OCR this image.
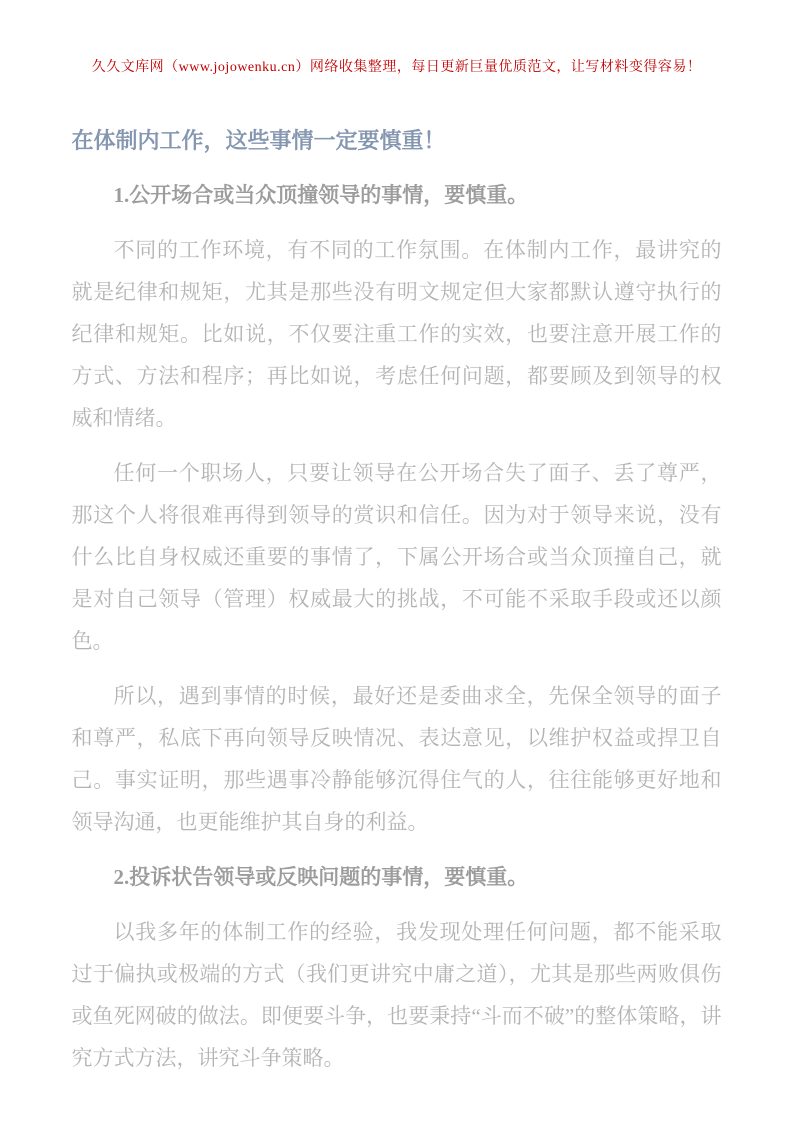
久久文库网（www.jojowenku.cn）网络收集整理，每日更新巨量优质范文，让写材料变得容易！
在体制内工作，这些事情一定要慎重！
1.公开场合或当众顶撞领导的事情，要慎重。

不同的工作环境，有不同的工作氛围。在体制内工作，最讲究的就是纪律和规矩，尤其是那些没有明文规定但大家都默认遵守执行的纪律和规矩。比如说，不仅要注重工作的实效，也要注意开展工作的方式、方法和程序；再比如说，考虑任何问题，都要顾及到领导的权威和情绪。

任何一个职场人，只要让领导在公开场合失了面子、丢了尊严，那这个人将很难再得到领导的赏识和信任。因为对于领导来说，没有什么比自身权威还重要的事情了，下属公开场合或当众顶撞自己，就是对自己领导（管理）权威最大的挑战，不可能不采取手段或还以颜色。

所以，遇到事情的时候，最好还是委曲求全，先保全领导的面子和尊严，私底下再向领导反映情况、表达意见，以维护权益或捍卫自己。事实证明，那些遇事冷静能够沉得住气的人，往往能够更好地和领导沟通，也更能维护其自身的利益。

2.投诉状告领导或反映问题的事情，要慎重。

以我多年的体制工作的经验，我发现处理任何问题，都不能采取过于偏执或极端的方式（我们更讲究中庸之道），尤其是那些两败俱伤或鱼死网破的做法。即便要斗争，也要秉持“斗而不破”的整体策略，讲究方式方法，讲究斗争策略。
